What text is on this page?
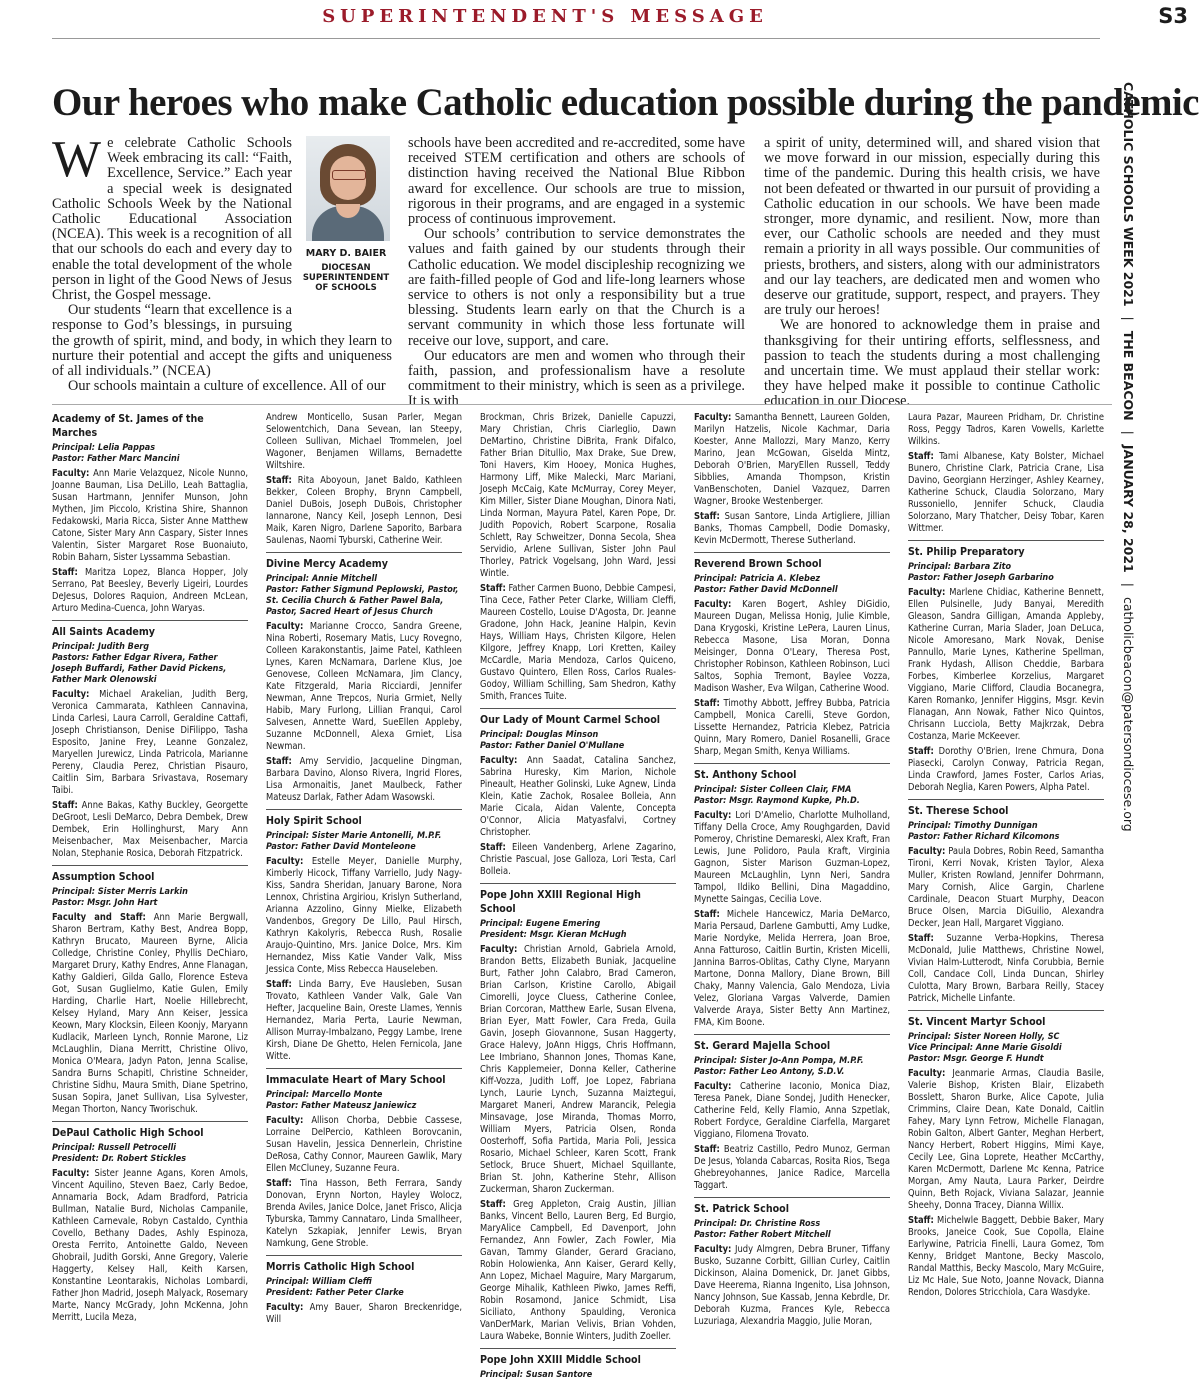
SUPERINTENDENT'S MESSAGE	S3
Our heroes who make Catholic education possible during the pandemic
CATHOLIC SCHOOLS WEEK 2021|THE BEACON|JANUARY 28, 2021|catholicbeacon@patersondiocese.org
MARY D. BAIER
DIOCESAN SUPERINTENDENT OF SCHOOLS

We celebrate Catholic Schools Week embracing its call: “Faith, Excellence, Service.” Each year a special week is designated Catholic Schools Week by the National Catholic Educational Association (NCEA). This week is a recognition of all that our schools do each and every day to enable the total development of the whole person in light of the Good News of Jesus Christ, the Gospel message.

Our students “learn that excellence is a response to God’s blessings, in pursuing the growth of spirit, mind, and body, in which they learn to nurture their potential and accept the gifts and uniqueness of all individuals.” (NCEA)

Our schools maintain a culture of excellence. All of our

schools have been accredited and re-accredited, some have received STEM certification and others are schools of distinction having received the National Blue Ribbon award for excellence. Our schools are true to mission, rigorous in their programs, and are engaged in a systemic process of continuous improvement.

Our schools’ contribution to service demonstrates the values and faith gained by our students through their Catholic education. We model discipleship recognizing we are faith-filled people of God and life-long learners whose service to others is not only a responsibility but a true blessing. Students learn early on that the Church is a servant community in which those less fortunate will receive our love, support, and care.

Our educators are men and women who through their faith, passion, and professionalism have a resolute commitment to their ministry, which is seen as a privilege. It is with

a spirit of unity, determined will, and shared vision that we move forward in our mission, especially during this time of the pandemic. During this health crisis, we have not been defeated or thwarted in our pursuit of providing a Catholic education in our schools. We have been made stronger, more dynamic, and resilient. Now, more than ever, our Catholic schools are needed and they must remain a priority in all ways possible. Our communities of priests, brothers, and sisters, along with our administrators and our lay teachers, are dedicated men and women who deserve our gratitude, support, respect, and prayers. They are truly our heroes!

We are honored to acknowledge them in praise and thanksgiving for their untiring efforts, selflessness, and passion to teach the students during a most challenging and uncertain time. We must applaud their stellar work: they have helped make it possible to continue Catholic education in our Diocese.

Academy of St. James of the Marches
Principal: Lelia Pappas
Pastor: Father Marc Mancini
Faculty: Ann Marie Velazquez, Nicole Nunno, Joanne Bauman, Lisa DeLillo, Leah Battaglia, Susan Hartmann, Jennifer Munson, John Mythen, Jim Piccolo, Kristina Shire, Shannon Fedakowski, Maria Ricca, Sister Anne Matthew Catone, Sister Mary Ann Caspary, Sister Innes Valentin, Sister Margaret Rose Buonaiuto, Robin Baharn, Sister Lyssamma Sebastian.
Staff: Maritza Lopez, Blanca Hopper, Joly Serrano, Pat Beesley, Beverly Ligeiri, Lourdes DeJesus, Dolores Raquion, Andreen McLean, Arturo Medina-Cuenca, John Waryas.
All Saints Academy
Principal: Judith Berg
Pastors: Father Edgar Rivera, Father Joseph Buffardi, Father David Pickens, Father Mark Olenowski
Faculty: Michael Arakelian, Judith Berg, Veronica Cammarata, Kathleen Cannavina, Linda Carlesi, Laura Carroll, Geraldine Cattafi, Joseph Christianson, Denise DiFilippo, Tasha Esposito, Janine Frey, Leanne Gonzalez, Maryellen Jurewicz, Linda Patricola, Marianne Pereny, Claudia Perez, Christian Pisauro, Caitlin Sim, Barbara Srivastava, Rosemary Taibi.
Staff: Anne Bakas, Kathy Buckley, Georgette DeGroot, Lesli DeMarco, Debra Dembek, Drew Dembek, Erin Hollinghurst, Mary Ann Meisenbacher, Max Meisenbacher, Marcia Nolan, Stephanie Rosica, Deborah Fitzpatrick.
Assumption School
Principal: Sister Merris Larkin
Pastor: Msgr. John Hart
Faculty and Staff: Ann Marie Bergwall, Sharon Bertram, Kathy Best, Andrea Bopp, Kathryn Brucato, Maureen Byrne, Alicia Colledge, Christine Conley, Phyllis DeChiaro, Margaret Drury, Kathy Endres, Anne Flanagan, Kathy Galdieri, Gilda Gallo, Florence Esteva Got, Susan Guglielmo, Katie Gulen, Emily Harding, Charlie Hart, Noelie Hillebrecht, Kelsey Hyland, Mary Ann Keiser, Jessica Keown, Mary Klocksin, Eileen Koonjy, Maryann Kudlacik, Marleen Lynch, Ronnie Marone, Liz McLaughlin, Diana Merritt, Christine Olivo, Monica O'Meara, Jadyn Paton, Jenna Scalise, Sandra Burns Schapitl, Christine Schneider, Christine Sidhu, Maura Smith, Diane Spetrino, Susan Sopira, Janet Sullivan, Lisa Sylvester, Megan Thorton, Nancy Tworischuk.
DePaul Catholic High School
Principal: Russell Petrocelli
President: Dr. Robert Stickles
Faculty: Sister Jeanne Agans, Koren Amols, Vincent Aquilino, Steven Baez, Carly Bedoe, Annamaria Bock, Adam Bradford, Patricia Bullman, Natalie Burd, Nicholas Campanile, Kathleen Carnevale, Robyn Castaldo, Cynthia Covello, Bethany Dades, Ashly Espinoza, Oresta Ferrito, Antoinette Galdo, Neveen Ghobrail, Judith Gorski, Anne Gregory, Valerie Haggerty, Kelsey Hall, Keith Karsen, Konstantine Leontarakis, Nicholas Lombardi, Father Jhon Madrid, Joseph Malyack, Rosemary Marte, Nancy McGrady, John McKenna, John Merritt, Lucila Meza,
Andrew Monticello, Susan Parler, Megan Selowentchich, Dana Sevean, Ian Steepy, Colleen Sullivan, Michael Trommelen, Joel Wagoner, Benjamen Willams, Bernadette Wiltshire.
Staff: Rita Aboyoun, Janet Baldo, Kathleen Bekker, Coleen Brophy, Brynn Campbell, Daniel DuBois, Joseph DuBois, Christopher Iannarone, Nancy Keil, Joseph Lennon, Desi Maik, Karen Nigro, Darlene Saporito, Barbara Saulenas, Naomi Tyburski, Catherine Weir.
Divine Mercy Academy
Principal: Annie Mitchell
Pastor: Father Sigmund Peplowski, Pastor, St. Cecilia Church & Father Pawel Bala, Pastor, Sacred Heart of Jesus Church
Faculty: Marianne Crocco, Sandra Greene, Nina Roberti, Rosemary Matis, Lucy Rovegno, Colleen Karakonstantis, Jaime Patel, Kathleen Lynes, Karen McNamara, Darlene Klus, Joe Genovese, Colleen McNamara, Jim Clancy, Kate Fitzgerald, Maria Ricciardi, Jennifer Newman, Anne Trepcos, Nuria Grmiet, Nelly Habib, Mary Furlong, Lillian Franqui, Carol Salvesen, Annette Ward, SueEllen Appleby, Suzanne McDonnell, Alexa Grniet, Lisa Newman.
Staff: Amy Servidio, Jacqueline Dingman, Barbara Davino, Alonso Rivera, Ingrid Flores, Lisa Armonaitis, Janet Maulbeck, Father Mateusz Darlak, Father Adam Wasowski.
Holy Spirit School
Principal: Sister Marie Antonelli, M.P.F.
Pastor: Father David Monteleone
Faculty: Estelle Meyer, Danielle Murphy, Kimberly Hicock, Tiffany Varriello, Judy Nagy-Kiss, Sandra Sheridan, January Barone, Nora Lennox, Christina Argiriou, Krislyn Sutherland, Arianna Azzolino, Ginny Mielke, Elizabeth Vandenbos, Gregory De Lillo, Paul Hirsch, Kathryn Kakolyris, Rebecca Rush, Rosalie Araujo-Quintino, Mrs. Janice Dolce, Mrs. Kim Hernandez, Miss Katie Vander Valk, Miss Jessica Conte, Miss Rebecca Hauseleben.
Staff: Linda Barry, Eve Hausleben, Susan Trovato, Kathleen Vander Valk, Gale Van Hefter, Jacqueline Bain, Oreste Llames, Yennis Hernandez, Maria Perta, Laurie Newman, Allison Murray-Imbalzano, Peggy Lambe, Irene Kirsh, Diane De Ghetto, Helen Fernicola, Jane Witte.
Immaculate Heart of Mary School
Principal: Marcello Monte
Pastor: Father Mateusz Janiewicz
Faculty: Allison Chorba, Debbie Cassese, Lorraine DelPercio, Kathleen Borovcanin, Susan Havelin, Jessica Dennerlein, Christine DeRosa, Cathy Connor, Maureen Gawlik, Mary Ellen McCluney, Suzanne Feura.
Staff: Tina Hasson, Beth Ferrara, Sandy Donovan, Erynn Norton, Hayley Wolocz, Brenda Aviles, Janice Dolce, Janet Frisco, Alicja Tyburska, Tammy Cannataro, Linda Smallheer, Katelyn Szkapiak, Jennifer Lewis, Bryan Namkung, Gene Stroble.
Morris Catholic High School
Principal: William Cleffi
President: Father Peter Clarke
Faculty: Amy Bauer, Sharon Breckenridge, Will
Brockman, Chris Brizek, Danielle Capuzzi, Mary Christian, Chris Ciarleglio, Dawn DeMartino, Christine DiBrita, Frank Difalco, Father Brian Ditullio, Max Drake, Sue Drew, Toni Havers, Kim Hooey, Monica Hughes, Harmony Liff, Mike Malecki, Marc Mariani, Joseph McCaig, Kate McMurray, Corey Meyer, Kim Miller, Sister Diane Moughan, Dinora Nati, Linda Norman, Mayura Patel, Karen Pope, Dr. Judith Popovich, Robert Scarpone, Rosalia Schlett, Ray Schweitzer, Donna Secola, Shea Servidio, Arlene Sullivan, Sister John Paul Thorley, Patrick Vogelsang, John Ward, Jessi Wintle.
Staff: Father Carmen Buono, Debbie Campesi, Tina Cece, Father Peter Clarke, William Cleffi, Maureen Costello, Louise D'Agosta, Dr. Jeanne Gradone, John Hack, Jeanine Halpin, Kevin Hays, William Hays, Christen Kilgore, Helen Kilgore, Jeffrey Knapp, Lori Kretten, Kailey McCardle, Maria Mendoza, Carlos Quiceno, Gustavo Quintero, Ellen Ross, Carlos Ruales-Godoy, William Schilling, Sam Shedron, Kathy Smith, Frances Tuite.
Our Lady of Mount Carmel School
Principal: Douglas Minson
Pastor: Father Daniel O'Mullane
Faculty: Ann Saadat, Catalina Sanchez, Sabrina Huresky, Kim Marion, Nichole Pineault, Heather Golinski, Luke Agnew, Linda Klein, Katie Zachok, Rosalee Bolleia, Ann Marie Cicala, Aidan Valente, Concepta O'Connor, Alicia Matyasfalvi, Cortney Christopher.
Staff: Eileen Vandenberg, Arlene Zagarino, Christie Pascual, Jose Galloza, Lori Testa, Carl Bolleia.
Pope John XXIII Regional High School
Principal: Eugene Emering
President: Msgr. Kieran McHugh
Faculty: Christian Arnold, Gabriela Arnold, Brandon Betts, Elizabeth Buniak, Jacqueline Burt, Father John Calabro, Brad Cameron, Brian Carlson, Kristine Carollo, Abigail Cimorelli, Joyce Cluess, Catherine Conlee, Brian Corcoran, Matthew Earle, Susan Elvena, Brian Eyer, Matt Fowler, Cara Freda, Guila Gavin, Joseph Giovannone, Susan Haggerty, Grace Halevy, JoAnn Higgs, Chris Hoffmann, Lee Imbriano, Shannon Jones, Thomas Kane, Chris Kapplemeier, Donna Keller, Catherine Kiff-Vozza, Judith Loff, Joe Lopez, Fabriana Lynch, Laurie Lynch, Suzanna Maiztegui, Margaret Maneri, Andrew Marancik, Pelegia Minsavage, Jose Miranda, Thomas Morro, William Myers, Patricia Olsen, Ronda Oosterhoff, Sofia Partida, Maria Poli, Jessica Rosario, Michael Schleer, Karen Scott, Frank Setlock, Bruce Shuert, Michael Squillante, Brian St. John, Katherine Stehr, Allison Zuckerman, Sharon Zuckerman.
Staff: Greg Appleton, Craig Austin, Jillian Banks, Vincent Bello, Lauren Berg, Ed Burgio, MaryAlice Campbell, Ed Davenport, John Fernandez, Ann Fowler, Zach Fowler, Mia Gavan, Tammy Glander, Gerard Graciano, Robin Holowienka, Ann Kaiser, Gerard Kelly, Ann Lopez, Michael Maguire, Mary Margarum, George Mihalik, Kathleen Piwko, James Reffi, Robin Rosamond, Janice Schmidt, Lisa Siciliato, Anthony Spaulding, Veronica VanDerMark, Marian Velivis, Brian Vohden, Laura Wabeke, Bonnie Winters, Judith Zoeller.
Pope John XXIII Middle School
Principal: Susan Santore
Faculty: Samantha Bennett, Laureen Golden, Marilyn Hatzelis, Nicole Kachmar, Daria Koester, Anne Mallozzi, Mary Manzo, Kerry Marino, Jean McGowan, Giselda Mintz, Deborah O'Brien, MaryEllen Russell, Teddy Sibblies, Amanda Thompson, Kristin VanBenschoten, Daniel Vazquez, Darren Wagner, Brooke Westenberger.
Staff: Susan Santore, Linda Artigliere, Jillian Banks, Thomas Campbell, Dodie Domasky, Kevin McDermott, Therese Sutherland.
Reverend Brown School
Principal: Patricia A. Klebez
Pastor: Father David McDonnell
Faculty: Karen Bogert, Ashley DiGidio, Maureen Dugan, Melissa Honig, Julie Kimble, Dana Krygoski, Kristine LePera, Lauren Linus, Rebecca Masone, Lisa Moran, Donna Meisinger, Donna O'Leary, Theresa Post, Christopher Robinson, Kathleen Robinson, Luci Saltos, Sophia Tremont, Baylee Vozza, Madison Washer, Eva Wilgan, Catherine Wood.
Staff: Timothy Abbott, Jeffrey Bubba, Patricia Campbell, Monica Carelli, Steve Gordon, Lissette Hernandez, Patricia Klebez, Patricia Quinn, Mary Romero, Daniel Rosanelli, Grace Sharp, Megan Smith, Kenya Williams.
St. Anthony School
Principal: Sister Colleen Clair, FMA
Pastor: Msgr. Raymond Kupke, Ph.D.
Faculty: Lori D'Amelio, Charlotte Mulholland, Tiffany Della Croce, Amy Roughgarden, David Pomeroy, Christine Demareski, Alex Kraft, Fran Lewis, June Polidoro, Paula Kraft, Virginia Gagnon, Sister Marison Guzman-Lopez, Maureen McLaughlin, Lynn Neri, Sandra Tampol, Ildiko Bellini, Dina Magaddino, Mynette Saingas, Cecilia Love.
Staff: Michele Hancewicz, Maria DeMarco, Maria Persaud, Darlene Gambutti, Amy Ludke, Marie Nordyke, Melida Herrera, Joan Broe, Anna Fatturoso, Caitlin Burtin, Kristen Micelli, Jannina Barros-Oblitas, Cathy Clyne, Maryann Martone, Donna Mallory, Diane Brown, Bill Chaky, Manny Valencia, Galo Mendoza, Livia Velez, Gloriana Vargas Valverde, Damien Valverde Araya, Sister Betty Ann Martinez, FMA, Kim Boone.
St. Gerard Majella School
Principal: Sister Jo-Ann Pompa, M.P.F.
Pastor: Father Leo Antony, S.D.V.
Faculty: Catherine Iaconio, Monica Diaz, Teresa Panek, Diane Sondej, Judith Henecker, Catherine Feld, Kelly Flamio, Anna Szpetlak, Robert Fordyce, Geraldine Ciarfella, Margaret Viggiano, Filomena Trovato.
Staff: Beatriz Castillo, Pedro Munoz, German De Jesus, Yolanda Cabarcas, Rosita Rios, Tsega Ghebreyohannes, Janice Radice, Marcella Taggart.
St. Patrick School
Principal: Dr. Christine Ross
Pastor: Father Robert Mitchell
Faculty: Judy Almgren, Debra Bruner, Tiffany Busko, Suzanne Corbitt, Gillian Curley, Caitlin Dickinson, Alaina Domenick, Dr. Janet Gibbs, Dave Heerema, Rianna Ingenito, Lisa Johnson, Nancy Johnson, Sue Kassab, Jenna Kebrdle, Dr. Deborah Kuzma, Frances Kyle, Rebecca Luzuriaga, Alexandria Maggio, Julie Moran,
Laura Pazar, Maureen Pridham, Dr. Christine Ross, Peggy Tadros, Karen Vowells, Karlette Wilkins.
Staff: Tami Albanese, Katy Bolster, Michael Bunero, Christine Clark, Patricia Crane, Lisa Davino, Georgiann Herzinger, Ashley Kearney, Katherine Schuck, Claudia Solorzano, Mary Russoniello, Jennifer Schuck, Claudia Solorzano, Mary Thatcher, Deisy Tobar, Karen Wittmer.
St. Philip Preparatory
Principal: Barbara Zito
Pastor: Father Joseph Garbarino
Faculty: Marlene Chidiac, Katherine Bennett, Ellen Pulsinelle, Judy Banyai, Meredith Gleason, Sandra Gilligan, Amanda Appleby, Katherine Curran, Maria Slader, Joan DeLuca, Nicole Amoresano, Mark Novak, Denise Pannullo, Marie Lynes, Katherine Spellman, Frank Hydash, Allison Cheddie, Barbara Forbes, Kimberlee Korzelius, Margaret Viggiano, Marie Clifford, Claudia Bocanegra, Karen Romanko, Jennifer Higgins, Msgr. Kevin Flanagan, Ann Nowak, Father Nico Quintos, Chrisann Lucciola, Betty Majkrzak, Debra Costanza, Marie McKeever.
Staff: Dorothy O'Brien, Irene Chmura, Dona Piasecki, Carolyn Conway, Patricia Regan, Linda Crawford, James Foster, Carlos Arias, Deborah Neglia, Karen Powers, Alpha Patel.
St. Therese School
Principal: Timothy Dunnigan
Pastor: Father Richard Kilcomons
Faculty: Paula Dobres, Robin Reed, Samantha Tironi, Kerri Novak, Kristen Taylor, Alexa Muller, Kristen Rowland, Jennifer Dohrmann, Mary Cornish, Alice Gargin, Charlene Cardinale, Deacon Stuart Murphy, Deacon Bruce Olsen, Marcia DiGuilio, Alexandra Decker, Jean Hall, Margaret Viggiano.
Staff: Suzanne Verba-Hopkins, Theresa McDonald, Julie Matthews, Christine Nowel, Vivian Halm-Lutterodt, Ninfa Corubbia, Bernie Coll, Candace Coll, Linda Duncan, Shirley Culotta, Mary Brown, Barbara Reilly, Stacey Patrick, Michelle Linfante.
St. Vincent Martyr School
Principal: Sister Noreen Holly, SC
Vice Principal: Anne Marie Gisoldi
Pastor: Msgr. George F. Hundt
Faculty: Jeanmarie Armas, Claudia Basile, Valerie Bishop, Kristen Blair, Elizabeth Bosslett, Sharon Burke, Alice Capote, Julia Crimmins, Claire Dean, Kate Donald, Caitlin Fahey, Mary Lynn Fetrow, Michelle Flanagan, Robin Galton, Albert Ganter, Meghan Herbert, Nancy Herbert, Robert Higgins, Mimi Kaye, Cecily Lee, Gina Loprete, Heather McCarthy, Karen McDermott, Darlene Mc Kenna, Patrice Morgan, Amy Nauta, Laura Parker, Deirdre Quinn, Beth Rojack, Viviana Salazar, Jeannie Sheehy, Donna Tracey, Dianna Willix.
Staff: Michelwle Baggett, Debbie Baker, Mary Brooks, Janeice Cook, Sue Copolla, Elaine Earlywine, Patricia Finelli, Laura Gomez, Tom Kenny, Bridget Mantone, Becky Mascolo, Randal Matthis, Becky Mascolo, Mary McGuire, Liz Mc Hale, Sue Noto, Joanne Novack, Dianna Rendon, Dolores Stricchiola, Cara Wasdyke.
